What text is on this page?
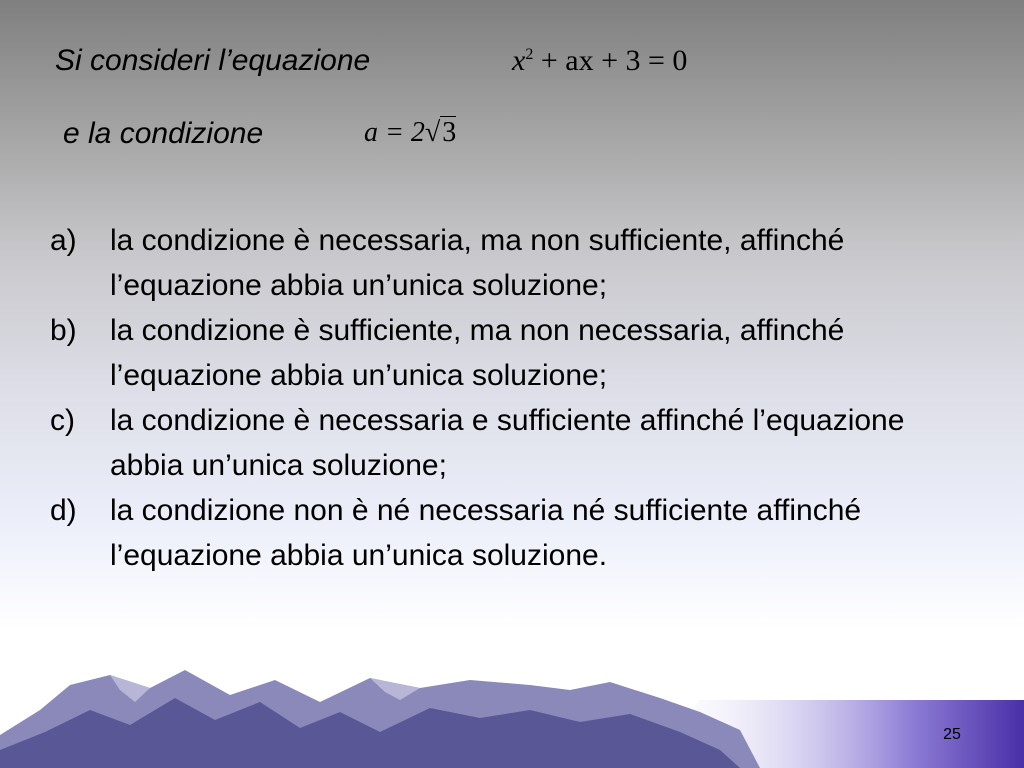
Si consideri l’equazione	$x^2$ + ax + 3 = 0
e la condizione	a = 2√3
a) la condizione è necessaria, ma non sufficiente, affinché l’equazione abbia un’unica soluzione;
b) la condizione è sufficiente, ma non necessaria, affinché l’equazione abbia un’unica soluzione;
c) la condizione è necessaria e sufficiente affinché l’equazione abbia un’unica soluzione;
d) la condizione non è né necessaria né sufficiente affinché l’equazione abbia un’unica soluzione.
25
